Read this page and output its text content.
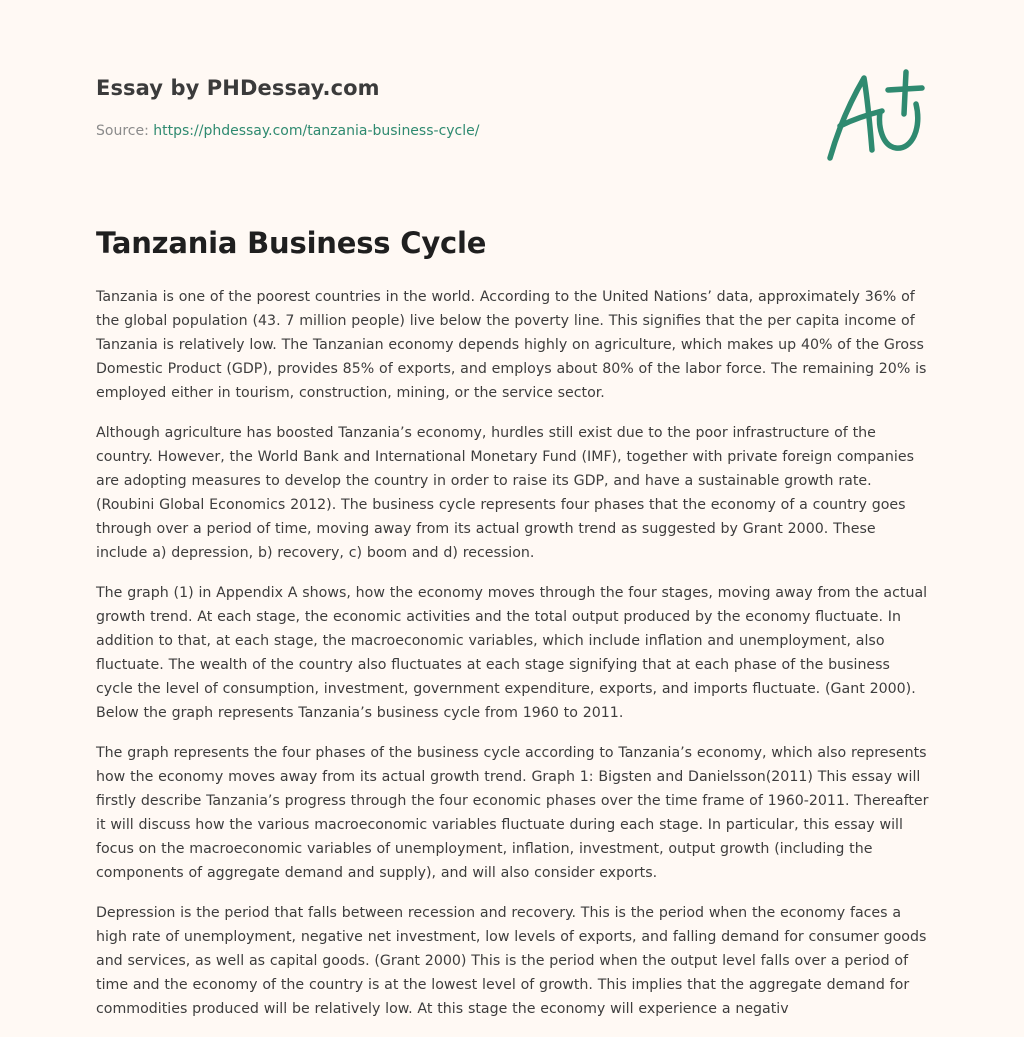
Essay by PHDessay.com
Source: https://phdessay.com/tanzania-business-cycle/
Tanzania Business Cycle

Tanzania is one of the poorest countries in the world. According to the United Nations’ data, approximately 36% of the global population (43. 7 million people) live below the poverty line. This signifies that the per capita income of Tanzania is relatively low. The Tanzanian economy depends highly on agriculture, which makes up 40% of the Gross Domestic Product (GDP), provides 85% of exports, and employs about 80% of the labor force. The remaining 20% is employed either in tourism, construction, mining, or the service sector.

Although agriculture has boosted Tanzania’s economy, hurdles still exist due to the poor infrastructure of the country. However, the World Bank and International Monetary Fund (IMF), together with private foreign companies are adopting measures to develop the country in order to raise its GDP, and have a sustainable growth rate. (Roubini Global Economics 2012). The business cycle represents four phases that the economy of a country goes through over a period of time, moving away from its actual growth trend as suggested by Grant 2000. These include a) depression, b) recovery, c) boom and d) recession.

The graph (1) in Appendix A shows, how the economy moves through the four stages, moving away from the actual growth trend. At each stage, the economic activities and the total output produced by the economy fluctuate. In addition to that, at each stage, the macroeconomic variables, which include inflation and unemployment, also fluctuate. The wealth of the country also fluctuates at each stage signifying that at each phase of the business cycle the level of consumption, investment, government expenditure, exports, and imports fluctuate. (Gant 2000). Below the graph represents Tanzania’s business cycle from 1960 to 2011.

The graph represents the four phases of the business cycle according to Tanzania’s economy, which also represents how the economy moves away from its actual growth trend. Graph 1: Bigsten and Danielsson(2011) This essay will firstly describe Tanzania’s progress through the four economic phases over the time frame of 1960-2011. Thereafter it will discuss how the various macroeconomic variables fluctuate during each stage. In particular, this essay will focus on the macroeconomic variables of unemployment, inflation, investment, output growth (including the components of aggregate demand and supply), and will also consider exports.

Depression is the period that falls between recession and recovery. This is the period when the economy faces a high rate of unemployment, negative net investment, low levels of exports, and falling demand for consumer goods and services, as well as capital goods. (Grant 2000) This is the period when the output level falls over a period of time and the economy of the country is at the lowest level of growth. This implies that the aggregate demand for commodities produced will be relatively low. At this stage the economy will experience a negativ
